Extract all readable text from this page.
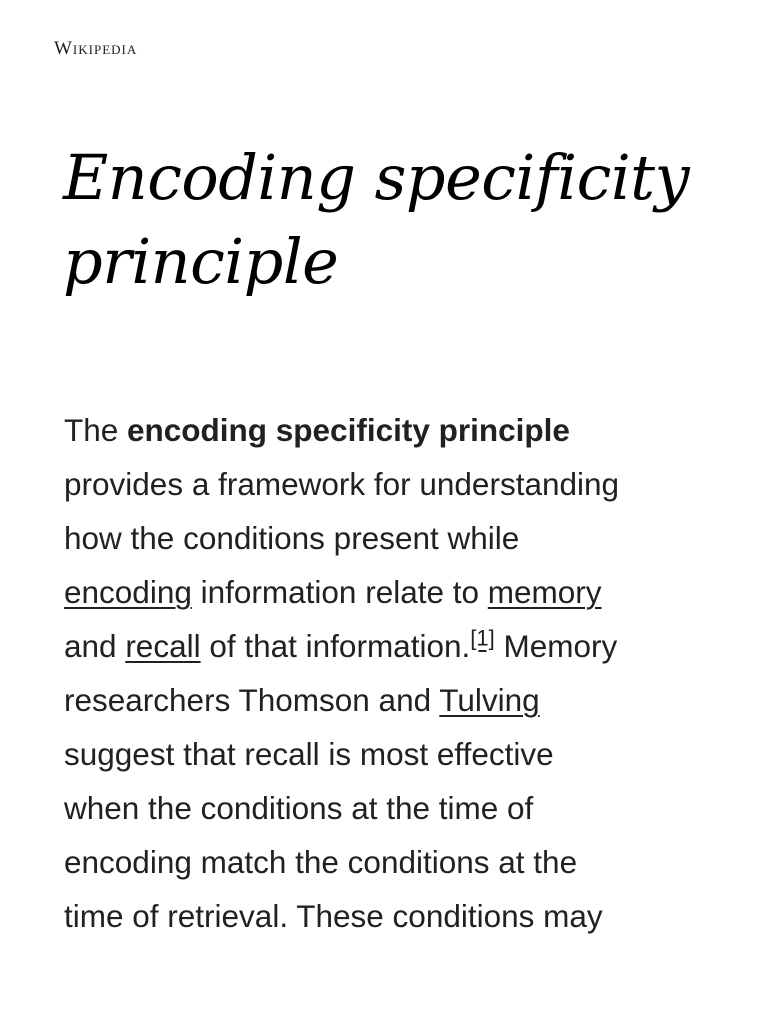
Wikipedia
Encoding specificity
principle

The encoding specificity principle
provides a framework for understanding
how the conditions present while
encoding information relate to memory
and recall of that information.[1] Memory
researchers Thomson and Tulving
suggest that recall is most effective
when the conditions at the time of
encoding match the conditions at the
time of retrieval. These conditions may
